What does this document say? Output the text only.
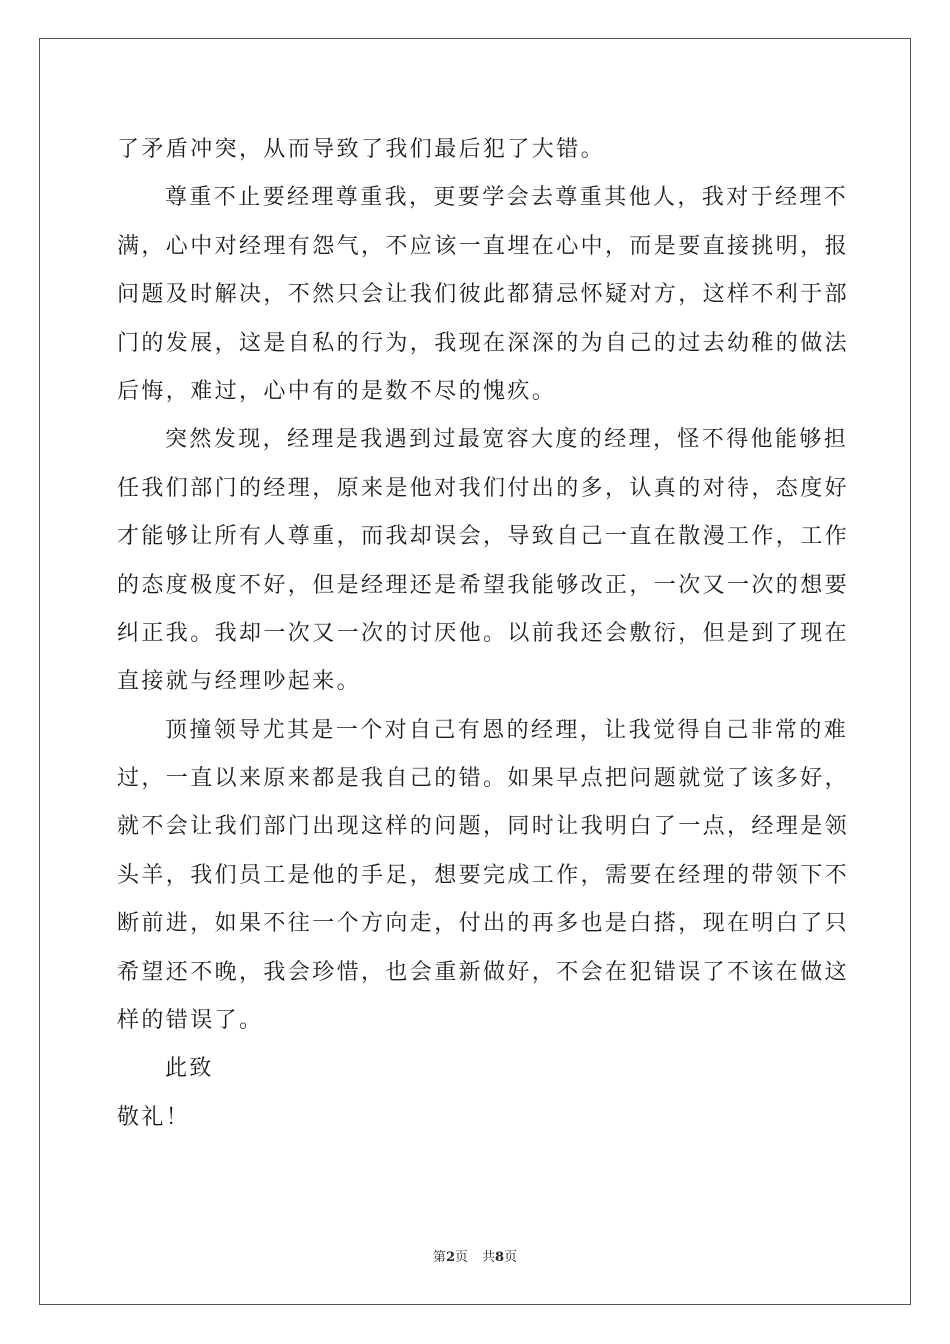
了矛盾冲突，从而导致了我们最后犯了大错。
尊重不止要经理尊重我，更要学会去尊重其他人，我对于经理不
满，心中对经理有怨气，不应该一直埋在心中，而是要直接挑明，报
问题及时解决，不然只会让我们彼此都猜忌怀疑对方，这样不利于部
门的发展，这是自私的行为，我现在深深的为自己的过去幼稚的做法
后悔，难过，心中有的是数不尽的愧疚。
突然发现，经理是我遇到过最宽容大度的经理，怪不得他能够担
任我们部门的经理，原来是他对我们付出的多，认真的对待，态度好
才能够让所有人尊重，而我却误会，导致自己一直在散漫工作，工作
的态度极度不好，但是经理还是希望我能够改正，一次又一次的想要
纠正我。我却一次又一次的讨厌他。以前我还会敷衍，但是到了现在
直接就与经理吵起来。
顶撞领导尤其是一个对自己有恩的经理，让我觉得自己非常的难
过，一直以来原来都是我自己的错。如果早点把问题就觉了该多好，
就不会让我们部门出现这样的问题，同时让我明白了一点，经理是领
头羊，我们员工是他的手足，想要完成工作，需要在经理的带领下不
断前进，如果不往一个方向走，付出的再多也是白搭，现在明白了只
希望还不晚，我会珍惜，也会重新做好，不会在犯错误了不该在做这
样的错误了。
此致
敬礼！
第2页 共8页
